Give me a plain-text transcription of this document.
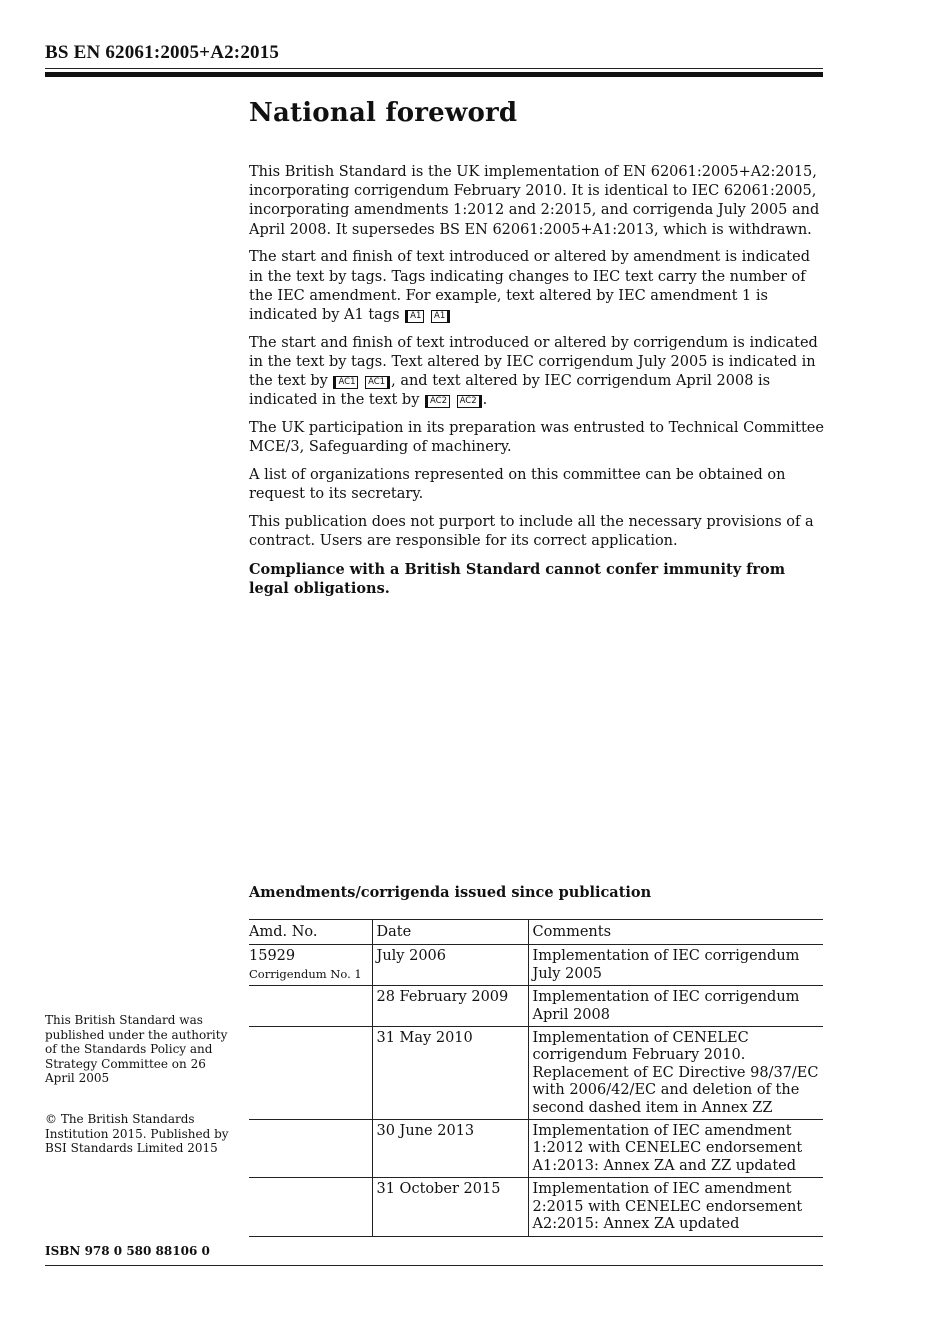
BS EN 62061:2005+A2:2015
National foreword

This British Standard is the UK implementation of EN 62061:2005+A2:2015, incorporating corrigendum February 2010. It is identical to IEC 62061:2005, incorporating amendments 1:2012 and 2:2015, and corrigenda July 2005 and April 2008. It supersedes BS EN 62061:2005+A1:2013, which is withdrawn.

The start and finish of text introduced or altered by amendment is indicated in the text by tags. Tags indicating changes to IEC text carry the number of the IEC amendment. For example, text altered by IEC amendment 1 is indicated by A1 tags A1 A1

The start and finish of text introduced or altered by corrigendum is indicated in the text by tags. Text altered by IEC corrigendum July 2005 is indicated in the text by AC1 AC1 , and text altered by IEC corrigendum April 2008 is indicated in the text by AC2 AC2 .

The UK participation in its preparation was entrusted to Technical Committee MCE/3, Safeguarding of machinery.

A list of organizations represented on this committee can be obtained on request to its secretary.

This publication does not purport to include all the necessary provisions of a contract. Users are responsible for its correct application.

Compliance with a British Standard cannot confer immunity from legal obligations.

Amendments/corrigenda issued since publication
Amd. No.	Date	Comments
15929
Corrigendum No. 1	July 2006	Implementation of IEC corrigendum July 2005
	28 February 2009	Implementation of IEC corrigendum April 2008
	31 May 2010	Implementation of CENELEC corrigendum February 2010. Replacement of EC Directive 98/37/EC with 2006/42/EC and deletion of the second dashed item in Annex ZZ
	30 June 2013	Implementation of IEC amendment 1:2012 with CENELEC endorsement A1:2013: Annex ZA and ZZ updated
	31 October 2015	Implementation of IEC amendment 2:2015 with CENELEC endorsement A2:2015: Annex ZA updated
This British Standard was published under the authority of the Standards Policy and Strategy Committee on 26 April 2005
© The British Standards Institution 2015. Published by BSI Standards Limited 2015
ISBN 978 0 580 88106 0
